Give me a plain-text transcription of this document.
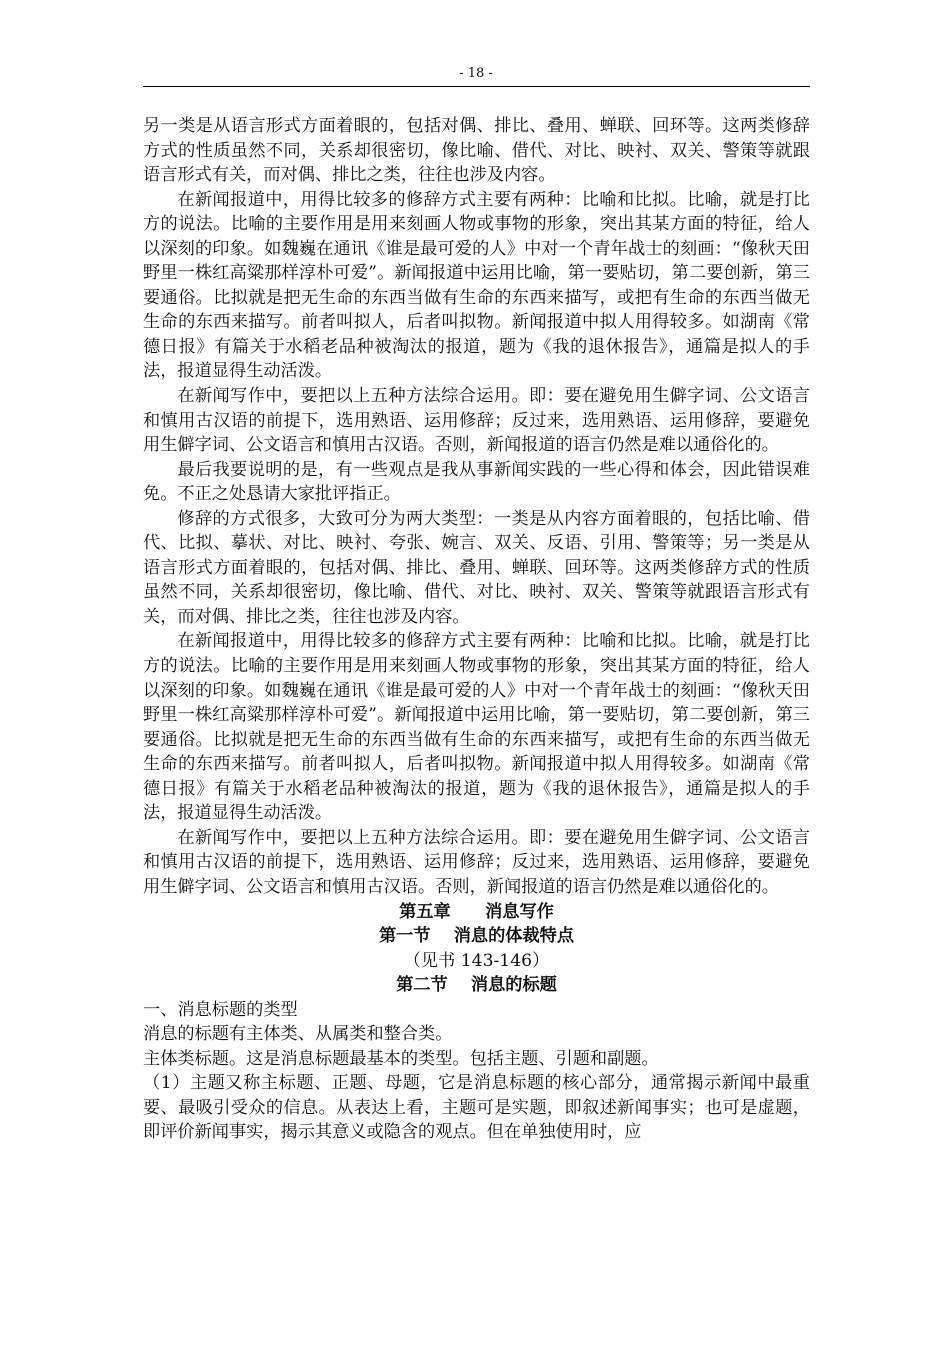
- 18 -

另一类是从语言形式方面着眼的，包括对偶、排比、叠用、蝉联、回环等。这两类修辞方式的性质虽然不同，关系却很密切，像比喻、借代、对比、映衬、双关、警策等就跟语言形式有关，而对偶、排比之类，往往也涉及内容。

在新闻报道中，用得比较多的修辞方式主要有两种：比喻和比拟。比喻，就是打比方的说法。比喻的主要作用是用来刻画人物或事物的形象，突出其某方面的特征，给人以深刻的印象。如魏巍在通讯《谁是最可爱的人》中对一个青年战士的刻画：“像秋天田野里一株红高粱那样淳朴可爱”。新闻报道中运用比喻，第一要贴切，第二要创新，第三要通俗。比拟就是把无生命的东西当做有生命的东西来描写，或把有生命的东西当做无生命的东西来描写。前者叫拟人，后者叫拟物。新闻报道中拟人用得较多。如湖南《常德日报》有篇关于水稻老品种被淘汰的报道，题为《我的退休报告》，通篇是拟人的手法，报道显得生动活泼。

在新闻写作中，要把以上五种方法综合运用。即：要在避免用生僻字词、公文语言和慎用古汉语的前提下，选用熟语、运用修辞；反过来，选用熟语、运用修辞，要避免用生僻字词、公文语言和慎用古汉语。否则，新闻报道的语言仍然是难以通俗化的。

最后我要说明的是，有一些观点是我从事新闻实践的一些心得和体会，因此错误难免。不正之处恳请大家批评指正。

修辞的方式很多，大致可分为两大类型：一类是从内容方面着眼的，包括比喻、借代、比拟、摹状、对比、映衬、夸张、婉言、双关、反语、引用、警策等；另一类是从语言形式方面着眼的，包括对偶、排比、叠用、蝉联、回环等。这两类修辞方式的性质虽然不同，关系却很密切，像比喻、借代、对比、映衬、双关、警策等就跟语言形式有关，而对偶、排比之类，往往也涉及内容。

在新闻报道中，用得比较多的修辞方式主要有两种：比喻和比拟。比喻，就是打比方的说法。比喻的主要作用是用来刻画人物或事物的形象，突出其某方面的特征，给人以深刻的印象。如魏巍在通讯《谁是最可爱的人》中对一个青年战士的刻画：“像秋天田野里一株红高粱那样淳朴可爱”。新闻报道中运用比喻，第一要贴切，第二要创新，第三要通俗。比拟就是把无生命的东西当做有生命的东西来描写，或把有生命的东西当做无生命的东西来描写。前者叫拟人，后者叫拟物。新闻报道中拟人用得较多。如湖南《常德日报》有篇关于水稻老品种被淘汰的报道，题为《我的退休报告》，通篇是拟人的手法，报道显得生动活泼。

在新闻写作中，要把以上五种方法综合运用。即：要在避免用生僻字词、公文语言和慎用古汉语的前提下，选用熟语、运用修辞；反过来，选用熟语、运用修辞，要避免用生僻字词、公文语言和慎用古汉语。否则，新闻报道的语言仍然是难以通俗化的。

第五章　　消息写作

第一节　 消息的体裁特点

（见书 143-146）

第二节　 消息的标题

一、消息标题的类型

消息的标题有主体类、从属类和整合类。

主体类标题。这是消息标题最基本的类型。包括主题、引题和副题。

（1）主题又称主标题、正题、母题，它是消息标题的核心部分，通常揭示新闻中最重要、最吸引受众的信息。从表达上看，主题可是实题，即叙述新闻事实；也可是虚题，即评价新闻事实，揭示其意义或隐含的观点。但在单独使用时，应
